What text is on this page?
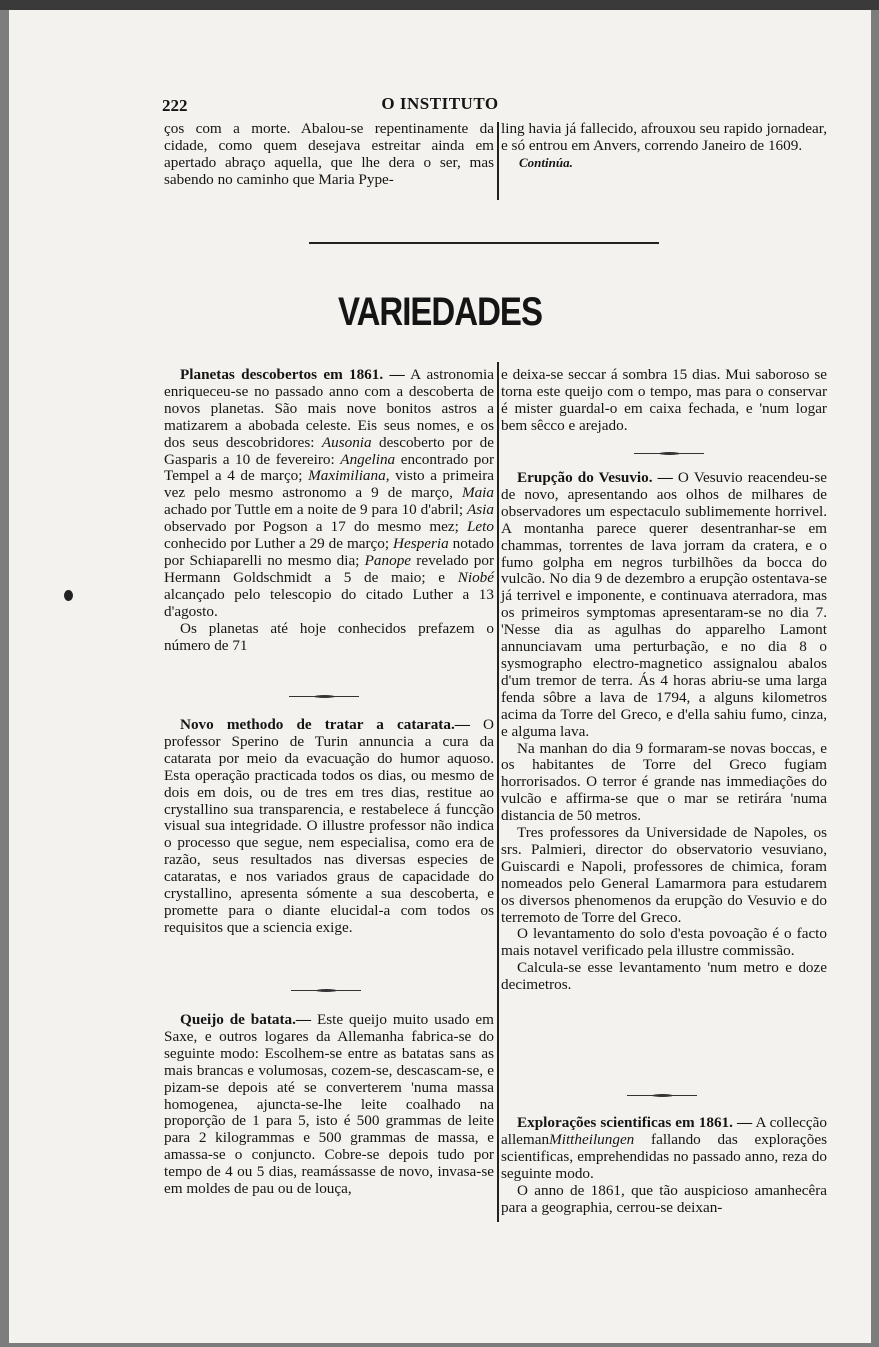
222	O INSTITUTO

ços com a morte. Abalou-se repentinamente da cidade, como quem desejava estreitar ainda em apertado abraço aquella, que lhe dera o ser, mas sabendo no caminho que Maria Pype-

ling havia já fallecido, afrouxou seu rapido jornadear, e só entrou em Anvers, correndo Janeiro de 1609.

Continúa.
VARIEDADES

Planetas descobertos em 1861. — A astronomia enriqueceu-se no passado anno com a descoberta de novos planetas. São mais nove bonitos astros a matizarem a abobada celeste. Eis seus nomes, e os dos seus descobridores: Ausonia descoberto por de Gasparis a 10 de fevereiro: Angelina encontrado por Tempel a 4 de março; Maximiliana, visto a primeira vez pelo mesmo astronomo a 9 de março, Maia achado por Tuttle em a noite de 9 para 10 d'abril; Asia observado por Pogson a 17 do mesmo mez; Leto conhecido por Luther a 29 de março; Hesperia notado por Schiaparelli no mesmo dia; Panope revelado por Hermann Goldschmidt a 5 de maio; e Niobé alcançado pelo telescopio do citado Luther a 13 d'agosto.

Os planetas até hoje conhecidos prefazem o número de 71

Novo methodo de tratar a catarata.— O professor Sperino de Turin annuncia a cura da catarata por meio da evacuação do humor aquoso. Esta operação practicada todos os dias, ou mesmo de dois em dois, ou de tres em tres dias, restitue ao crystallino sua transparencia, e restabelece á funcção visual sua integridade. O illustre professor não indica o processo que segue, nem especialisa, como era de razão, seus resultados nas diversas especies de cataratas, e nos variados graus de capacidade do crystallino, apresenta sómente a sua descoberta, e promette para o diante elucidal-a com todos os requisitos que a sciencia exige.

Queijo de batata.— Este queijo muito usado em Saxe, e outros logares da Allemanha fabrica-se do seguinte modo: Escolhem-se entre as batatas sans as mais brancas e volumosas, cozem-se, descascam-se, e pizam-se depois até se converterem 'numa massa homogenea, ajuncta-se-lhe leite coalhado na proporção de 1 para 5, isto é 500 grammas de leite para 2 kilogrammas e 500 grammas de massa, e amassa-se o conjuncto. Cobre-se depois tudo por tempo de 4 ou 5 dias, reamássasse de novo, invasa-se em moldes de pau ou de louça,

e deixa-se seccar á sombra 15 dias. Mui saboroso se torna este queijo com o tempo, mas para o conservar é mister guardal-o em caixa fechada, e 'num logar bem sêcco e arejado.

Erupção do Vesuvio. — O Vesuvio reacendeu-se de novo, apresentando aos olhos de milhares de observadores um espectaculo sublimemente horrivel. A montanha parece querer desentranhar-se em chammas, torrentes de lava jorram da cratera, e o fumo golpha em negros turbilhões da bocca do vulcão. No dia 9 de dezembro a erupção ostentava-se já terrivel e imponente, e continuava aterradora, mas os primeiros symptomas apresentaram-se no dia 7. 'Nesse dia as agulhas do apparelho Lamont annunciavam uma perturbação, e no dia 8 o sysmographo electro-magnetico assignalou abalos d'um tremor de terra. Ás 4 horas abriu-se uma larga fenda sôbre a lava de 1794, a alguns kilometros acima da Torre del Greco, e d'ella sahiu fumo, cinza, e alguma lava.

Na manhan do dia 9 formaram-se novas boccas, e os habitantes de Torre del Greco fugiam horrorisados. O terror é grande nas immediações do vulcão e affirma-se que o mar se retirára 'numa distancia de 50 metros.

Tres professores da Universidade de Napoles, os srs. Palmieri, director do observatorio vesuviano, Guiscardi e Napoli, professores de chimica, foram nomeados pelo General Lamarmora para estudarem os diversos phenomenos da erupção do Vesuvio e do terremoto de Torre del Greco.

O levantamento do solo d'esta povoação é o facto mais notavel verificado pela illustre commissão.

Calcula-se esse levantamento 'num metro e doze decimetros.

Explorações scientificas em 1861. — A collecção allemanMittheilungen fallando das explorações scientificas, emprehendidas no passado anno, reza do seguinte modo.

O anno de 1861, que tão auspicioso amanhecêra para a geographia, cerrou-se deixan-
